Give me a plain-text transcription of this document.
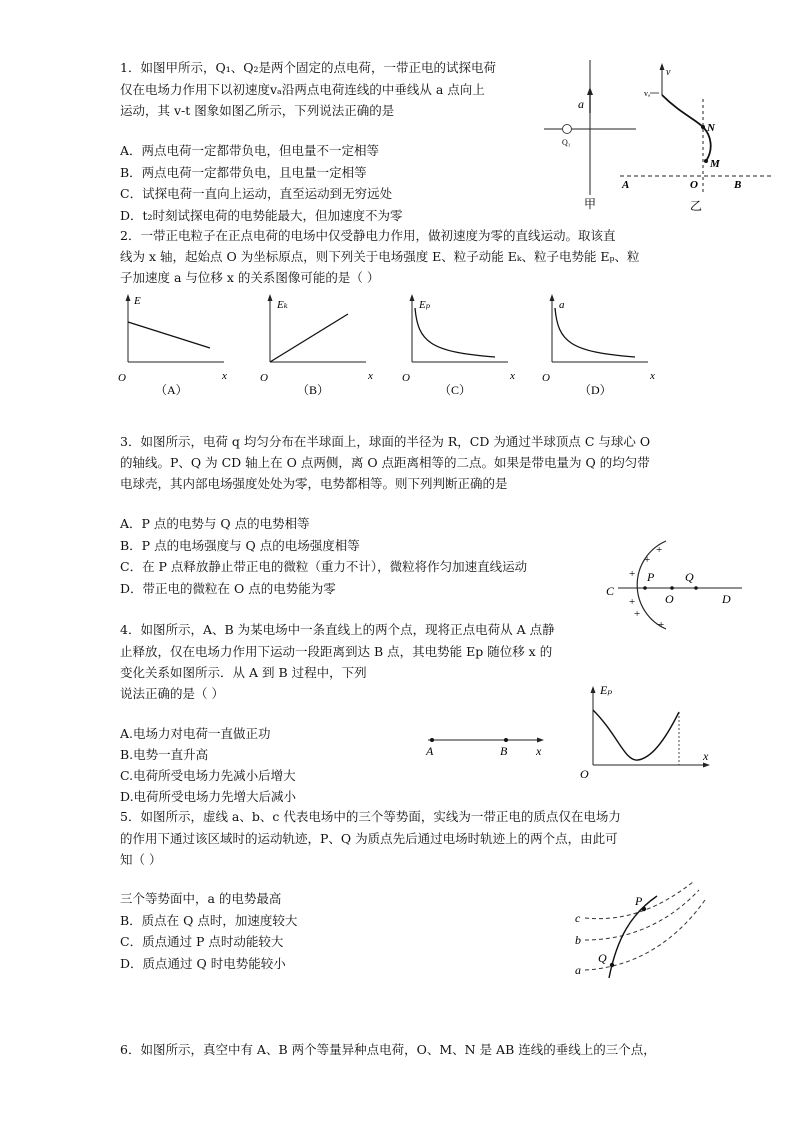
1．如图甲所示，Q₁、Q₂是两个固定的点电荷，一带正电的试探电荷
仅在电场力作用下以初速度vₐ沿两点电荷连线的中垂线从 a 点向上
运动，其 v-t 图象如图乙所示，下列说法正确的是
A．两点电荷一定都带负电，但电量不一定相等
B．两点电荷一定都带负电，且电量一定相等
C．试探电荷一直向上运动，直至运动到无穷远处
D．t₂时刻试探电荷的电势能最大，但加速度不为零
a
Q₁
甲
v
vₐ
N
M
A	O	B
乙
2．一带正电粒子在正点电荷的电场中仅受静电力作用，做初速度为零的直线运动。取该直
线为 x 轴，起始点 O 为坐标原点，则下列关于电场强度 E、粒子动能 Eₖ、粒子电势能 Eₚ、粒
子加速度 a 与位移 x 的关系图像可能的是（ ）
E
O	x
（A）
Eₖ
O	x
（B）
Eₚ
O	x
（C）
a
O	x
（D）
3．如图所示，电荷 q 均匀分布在半球面上，球面的半径为 R，CD 为通过半球顶点 C 与球心 O
的轴线。P、Q 为 CD 轴上在 O 点两侧，离 O 点距离相等的二点。如果是带电量为 Q 的均匀带
电球壳，其内部电场强度处处为零，电势都相等。则下列判断正确的是
A．P 点的电势与 Q 点的电势相等
B．P 点的电场强度与 Q 点的电场强度相等
C．在 P 点释放静止带正电的微粒（重力不计），微粒将作匀加速直线运动
D．带正电的微粒在 O 点的电势能为零	C
P
O
Q
D
+
+
+
+
+
+
4．如图所示，A、B 为某电场中一条直线上的两个点，现将正点电荷从 A 点静
止释放，仅在电场力作用下运动一段距离到达 B 点，其电势能 Ep 随位移 x 的
变化关系如图所示．从 A 到 B 过程中，下列
说法正确的是（ ）
A.电场力对电荷一直做正功
B.电势一直升高
C.电荷所受电场力先减小后增大
D.电荷所受电场力先增大后减小
A	B x
Eₚ
O
x
5．如图所示，虚线 a、b、c 代表电场中的三个等势面，实线为一带正电的质点仅在电场力
的作用下通过该区域时的运动轨迹，P、Q 为质点先后通过电场时轨迹上的两个点，由此可
知（ ）
三个等势面中，a 的电势最高
B．质点在 Q 点时，加速度较大
C．质点通过 P 点时动能较大
D．质点通过 Q 时电势能较小
P
Q
c
b
a
6．如图所示，真空中有 A、B 两个等量异种点电荷，O、M、N 是 AB 连线的垂线上的三个点，
